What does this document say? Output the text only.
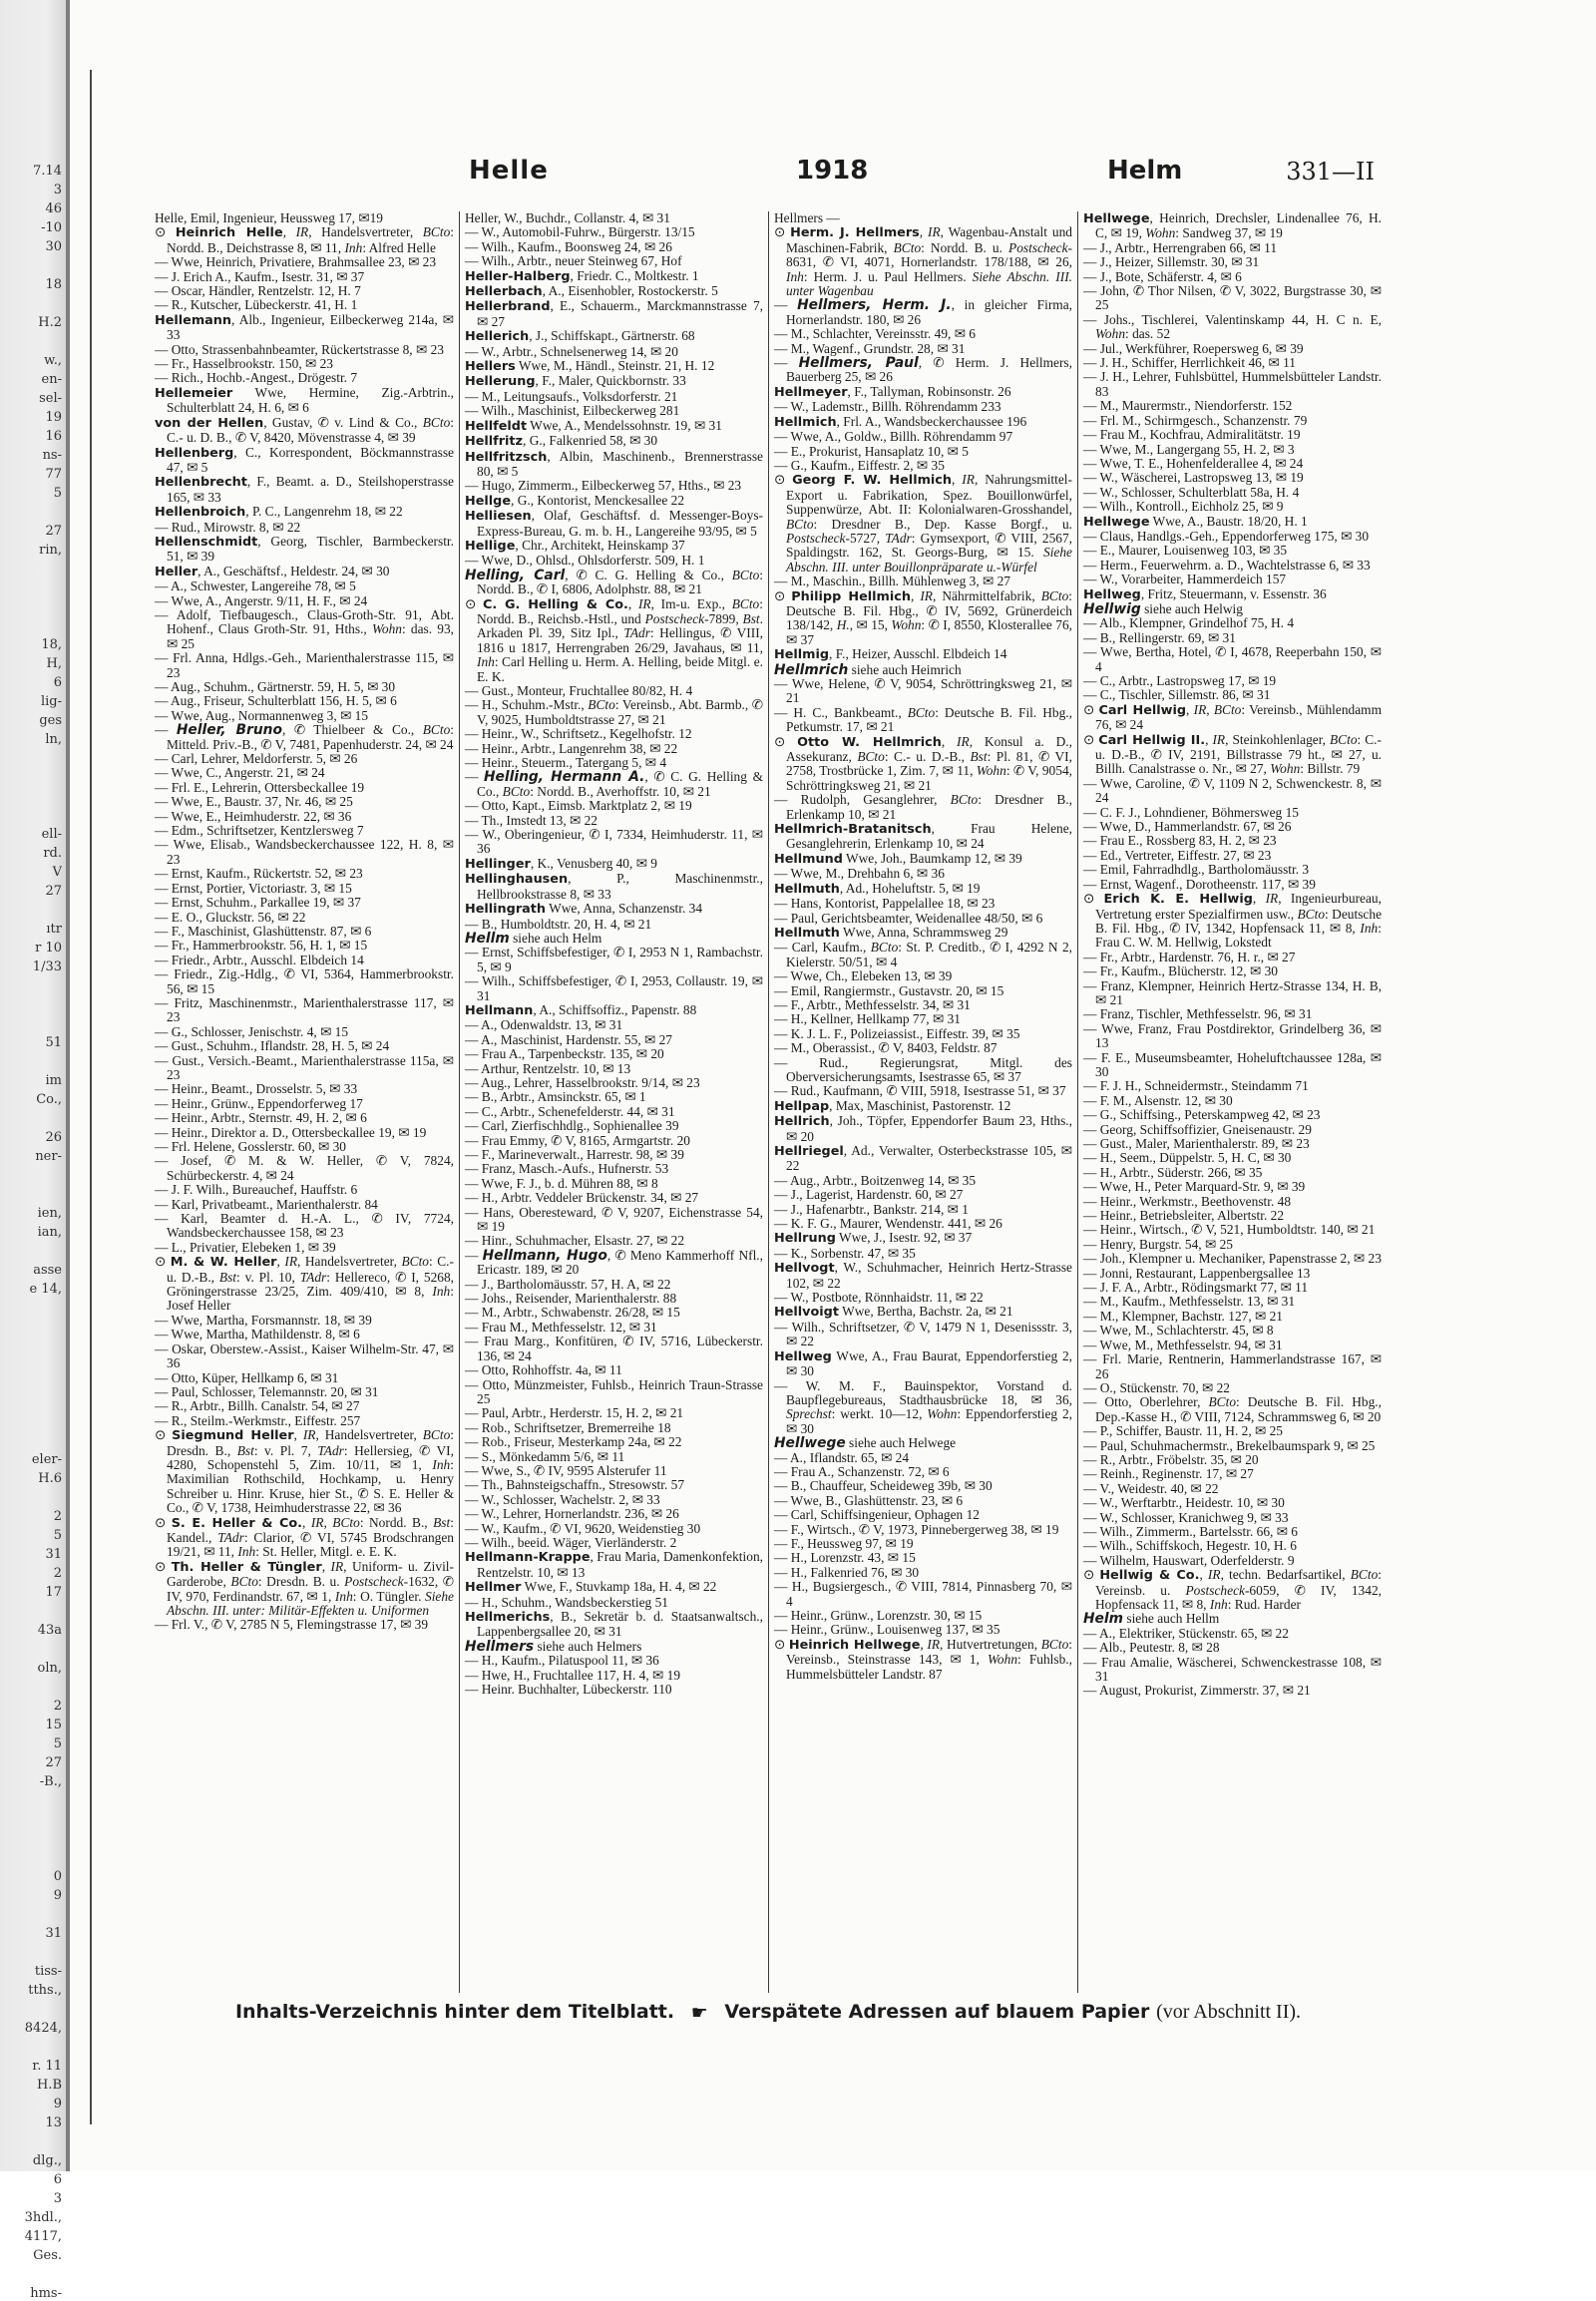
7.14
3
46
-10
30
18
H.2
w.,
en-
sel-
19
16
ns-
77
5
27
rin,
18,
H,
6
lig-
ges
ln,
ell-
rd.
V
27
ıtr
r 10
1/33
51
im
Co.,
26
ner-
ien,
ian,
asse
e 14,
eler-
H.6
2
5
31
2
17
43a
oln,
2
15
5
27
-B.,
0
9
31
tiss-
tths.,
8424,
r. 11
H.B
9
13
dlg.,
6
3
3hdl.,
4117,
Ges.
hms-
Helle	1918	Helm	331—II

Helle, Emil, Ingenieur, Heussweg 17, ✉19

⊙ Heinrich Helle, IR, Handelsvertreter, BCto: Nordd. B., Deichstrasse 8, ✉ 11, Inh: Alfred Helle

— Wwe, Heinrich, Privatiere, Brahmsallee 23, ✉ 23

— J. Erich A., Kaufm., Isestr. 31, ✉ 37

— Oscar, Händler, Rentzelstr. 12, H. 7

— R., Kutscher, Lübeckerstr. 41, H. 1

Hellemann, Alb., Ingenieur, Eilbeckerweg 214a, ✉ 33

— Otto, Strassenbahnbeamter, Rückertstrasse 8, ✉ 23

— Fr., Hasselbrookstr. 150, ✉ 23

— Rich., Hochb.-Angest., Drögestr. 7

Hellemeier Wwe, Hermine, Zig.-Arbtrin., Schulterblatt 24, H. 6, ✉ 6

von der Hellen, Gustav, ✆ v. Lind & Co., BCto: C.- u. D. B., ✆ V, 8420, Mövenstrasse 4, ✉ 39

Hellenberg, C., Korrespondent, Böckmannstrasse 47, ✉ 5

Hellenbrecht, F., Beamt. a. D., Steilshoperstrasse 165, ✉ 33

Hellenbroich, P. C., Langenrehm 18, ✉ 22

— Rud., Mirowstr. 8, ✉ 22

Hellenschmidt, Georg, Tischler, Barmbeckerstr. 51, ✉ 39

Heller, A., Geschäftsf., Heldestr. 24, ✉ 30

— A., Schwester, Langereihe 78, ✉ 5

— Wwe, A., Angerstr. 9/11, H. F., ✉ 24

— Adolf, Tiefbaugesch., Claus-Groth-Str. 91, Abt. Hohenf., Claus Groth-Str. 91, Hths., Wohn: das. 93, ✉ 25

— Frl. Anna, Hdlgs.-Geh., Marienthalerstrasse 115, ✉ 23

— Aug., Schuhm., Gärtnerstr. 59, H. 5, ✉ 30

— Aug., Friseur, Schulterblatt 156, H. 5, ✉ 6

— Wwe, Aug., Normannenweg 3, ✉ 15

— Heller, Bruno, ✆ Thielbeer & Co., BCto: Mitteld. Priv.-B., ✆ V, 7481, Papenhuderstr. 24, ✉ 24

— Carl, Lehrer, Meldorferstr. 5, ✉ 26

— Wwe, C., Angerstr. 21, ✉ 24

— Frl. E., Lehrerin, Ottersbeckallee 19

— Wwe, E., Baustr. 37, Nr. 46, ✉ 25

— Wwe, E., Heimhuderstr. 22, ✉ 36

— Edm., Schriftsetzer, Kentzlersweg 7

— Wwe, Elisab., Wandsbeckerchaussee 122, H. 8, ✉ 23

— Ernst, Kaufm., Rückertstr. 52, ✉ 23

— Ernst, Portier, Victoriastr. 3, ✉ 15

— Ernst, Schuhm., Parkallee 19, ✉ 37

— E. O., Gluckstr. 56, ✉ 22

— F., Maschinist, Glashüttenstr. 87, ✉ 6

— Fr., Hammerbrookstr. 56, H. 1, ✉ 15

— Friedr., Arbtr., Ausschl. Elbdeich 14

— Friedr., Zig.-Hdlg., ✆ VI, 5364, Hammerbrookstr. 56, ✉ 15

— Fritz, Maschinenmstr., Marienthalerstrasse 117, ✉ 23

— G., Schlosser, Jenischstr. 4, ✉ 15

— Gust., Schuhm., Iflandstr. 28, H. 5, ✉ 24

— Gust., Versich.-Beamt., Marienthalerstrasse 115a, ✉ 23

— Heinr., Beamt., Drosselstr. 5, ✉ 33

— Heinr., Grünw., Eppendorferweg 17

— Heinr., Arbtr., Sternstr. 49, H. 2, ✉ 6

— Heinr., Direktor a. D., Ottersbeckallee 19, ✉ 19

— Frl. Helene, Gosslerstr. 60, ✉ 30

— Josef, ✆ M. & W. Heller, ✆ V, 7824, Schürbeckerstr. 4, ✉ 24

— J. F. Wilh., Bureauchef, Hauffstr. 6

— Karl, Privatbeamt., Marienthalerstr. 84

— Karl, Beamter d. H.-A. L., ✆ IV, 7724, Wandsbeckerchaussee 158, ✉ 23

— L., Privatier, Elebeken 1, ✉ 39

⊙ M. & W. Heller, IR, Handelsvertreter, BCto: C.- u. D.-B., Bst: v. Pl. 10, TAdr: Hellereco, ✆ I, 5268, Gröningerstrasse 23/25, Zim. 409/410, ✉ 8, Inh: Josef Heller

— Wwe, Martha, Forsmannstr. 18, ✉ 39

— Wwe, Martha, Mathildenstr. 8, ✉ 6

— Oskar, Oberstew.-Assist., Kaiser Wilhelm-Str. 47, ✉ 36

— Otto, Küper, Hellkamp 6, ✉ 31

— Paul, Schlosser, Telemannstr. 20, ✉ 31

— R., Arbtr., Billh. Canalstr. 54, ✉ 27

— R., Steilm.-Werkmstr., Eiffestr. 257

⊙ Siegmund Heller, IR, Handelsvertreter, BCto: Dresdn. B., Bst: v. Pl. 7, TAdr: Hellersieg, ✆ VI, 4280, Schopenstehl 5, Zim. 10/11, ✉ 1, Inh: Maximilian Rothschild, Hochkamp, u. Henry Schreiber u. Hinr. Kruse, hier St., ✆ S. E. Heller & Co., ✆ V, 1738, Heimhuderstrasse 22, ✉ 36

⊙ S. E. Heller & Co., IR, BCto: Nordd. B., Bst: Kandel., TAdr: Clarior, ✆ VI, 5745 Brodschrangen 19/21, ✉ 11, Inh: St. Heller, Mitgl. e. E. K.

⊙ Th. Heller & Tüngler, IR, Uniform- u. Zivil-Garderobe, BCto: Dresdn. B. u. Postscheck-1632, ✆ IV, 970, Ferdinandstr. 67, ✉ 1, Inh: O. Tüngler. Siehe Abschn. III. unter: Militär-Effekten u. Uniformen

— Frl. V., ✆ V, 2785 N 5, Flemingstrasse 17, ✉ 39

Heller, W., Buchdr., Collanstr. 4, ✉ 31

— W., Automobil-Fuhrw., Bürgerstr. 13/15

— Wilh., Kaufm., Boonsweg 24, ✉ 26

— Wilh., Arbtr., neuer Steinweg 67, Hof

Heller-Halberg, Friedr. C., Moltkestr. 1

Hellerbach, A., Eisenhobler, Rostockerstr. 5

Hellerbrand, E., Schauerm., Marckmannstrasse 7, ✉ 27

Hellerich, J., Schiffskapt., Gärtnerstr. 68

— W., Arbtr., Schnelsenerweg 14, ✉ 20

Hellers Wwe, M., Händl., Steinstr. 21, H. 12

Hellerung, F., Maler, Quickbornstr. 33

— M., Leitungsaufs., Volksdorferstr. 21

— Wilh., Maschinist, Eilbeckerweg 281

Hellfeldt Wwe, A., Mendelssohnstr. 19, ✉ 31

Hellfritz, G., Falkenried 58, ✉ 30

Hellfritzsch, Albin, Maschinenb., Brennerstrasse 80, ✉ 5

— Hugo, Zimmerm., Eilbeckerweg 57, Hths., ✉ 23

Hellge, G., Kontorist, Menckesallee 22

Helliesen, Olaf, Geschäftsf. d. Messenger-Boys-Express-Bureau, G. m. b. H., Langereihe 93/95, ✉ 5

Hellige, Chr., Architekt, Heinskamp 37

— Wwe, D., Ohlsd., Ohlsdorferstr. 509, H. 1

Helling, Carl, ✆ C. G. Helling & Co., BCto: Nordd. B., ✆ I, 6806, Adolphstr. 88, ✉ 21

⊙ C. G. Helling & Co., IR, Im-u. Exp., BCto: Nordd. B., Reichsb.-Hstl., und Postscheck-7899, Bst. Arkaden Pl. 39, Sitz Ipl., TAdr: Hellingus, ✆ VIII, 1816 u 1817, Herrengraben 26/29, Javahaus, ✉ 11, Inh: Carl Helling u. Herm. A. Helling, beide Mitgl. e. E. K.

— Gust., Monteur, Fruchtallee 80/82, H. 4

— H., Schuhm.-Mstr., BCto: Vereinsb., Abt. Barmb., ✆ V, 9025, Humboldtstrasse 27, ✉ 21

— Heinr., W., Schriftsetz., Kegelhofstr. 12

— Heinr., Arbtr., Langenrehm 38, ✉ 22

— Heinr., Steuerm., Tatergang 5, ✉ 4

— Helling, Hermann A., ✆ C. G. Helling & Co., BCto: Nordd. B., Averhoffstr. 10, ✉ 21

— Otto, Kapt., Eimsb. Marktplatz 2, ✉ 19

— Th., Imstedt 13, ✉ 22

— W., Oberingenieur, ✆ I, 7334, Heimhuderstr. 11, ✉ 36

Hellinger, K., Venusberg 40, ✉ 9

Hellinghausen, P., Maschinenmstr., Hellbrookstrasse 8, ✉ 33

Hellingrath Wwe, Anna, Schanzenstr. 34

— B., Humboldtstr. 20, H. 4, ✉ 21

Hellm siehe auch Helm

— Ernst, Schiffsbefestiger, ✆ I, 2953 N 1, Rambachstr. 5, ✉ 9

— Wilh., Schiffsbefestiger, ✆ I, 2953, Collaustr. 19, ✉ 31

Hellmann, A., Schiffsoffiz., Papenstr. 88

— A., Odenwaldstr. 13, ✉ 31

— A., Maschinist, Hardenstr. 55, ✉ 27

— Frau A., Tarpenbeckstr. 135, ✉ 20

— Arthur, Rentzelstr. 10, ✉ 13

— Aug., Lehrer, Hasselbrookstr. 9/14, ✉ 23

— B., Arbtr., Amsinckstr. 65, ✉ 1

— C., Arbtr., Schenefelderstr. 44, ✉ 31

— Carl, Zierfischhdlg., Sophienallee 39

— Frau Emmy, ✆ V, 8165, Armgartstr. 20

— F., Marineverwalt., Harrestr. 98, ✉ 39

— Franz, Masch.-Aufs., Hufnerstr. 53

— Wwe, F. J., b. d. Mühren 88, ✉ 8

— H., Arbtr. Veddeler Brückenstr. 34, ✉ 27

— Hans, Oberesteward, ✆ V, 9207, Eichenstrasse 54, ✉ 19

— Hinr., Schuhmacher, Elsastr. 27, ✉ 22

— Hellmann, Hugo, ✆ Meno Kammerhoff Nfl., Ericastr. 189, ✉ 20

— J., Bartholomäusstr. 57, H. A, ✉ 22

— Johs., Reisender, Marienthalerstr. 88

— M., Arbtr., Schwabenstr. 26/28, ✉ 15

— Frau M., Methfesselstr. 12, ✉ 31

— Frau Marg., Konfitüren, ✆ IV, 5716, Lübeckerstr. 136, ✉ 24

— Otto, Rohhoffstr. 4a, ✉ 11

— Otto, Münzmeister, Fuhlsb., Heinrich Traun-Strasse 25

— Paul, Arbtr., Herderstr. 15, H. 2, ✉ 21

— Rob., Schriftsetzer, Bremerreihe 18

— Rob., Friseur, Mesterkamp 24a, ✉ 22

— S., Mönkedamm 5/6, ✉ 11

— Wwe, S., ✆ IV, 9595 Alsterufer 11

— Th., Bahnsteigschaffn., Stresowstr. 57

— W., Schlosser, Wachelstr. 2, ✉ 33

— W., Lehrer, Hornerlandstr. 236, ✉ 26

— W., Kaufm., ✆ VI, 9620, Weidenstieg 30

— Wilh., beeid. Wäger, Vierländerstr. 2

Hellmann-Krappe, Frau Maria, Damenkonfektion, Rentzelstr. 10, ✉ 13

Hellmer Wwe, F., Stuvkamp 18a, H. 4, ✉ 22

— H., Schuhm., Wandsbeckerstieg 51

Hellmerichs, B., Sekretär b. d. Staatsanwaltsch., Lappenbergsallee 20, ✉ 31

Hellmers siehe auch Helmers

— H., Kaufm., Pilatuspool 11, ✉ 36

— Hwe, H., Fruchtallee 117, H. 4, ✉ 19

— Heinr. Buchhalter, Lübeckerstr. 110

Hellmers —

⊙ Herm. J. Hellmers, IR, Wagenbau-Anstalt und Maschinen-Fabrik, BCto: Nordd. B. u. Postscheck-8631, ✆ VI, 4071, Hornerlandstr. 178/188, ✉ 26, Inh: Herm. J. u. Paul Hellmers. Siehe Abschn. III. unter Wagenbau

— Hellmers, Herm. J., in gleicher Firma, Hornerlandstr. 180, ✉ 26

— M., Schlachter, Vereinsstr. 49, ✉ 6

— M., Wagenf., Grundstr. 28, ✉ 31

— Hellmers, Paul, ✆ Herm. J. Hellmers, Bauerberg 25, ✉ 26

Hellmeyer, F., Tallyman, Robinsonstr. 26

— W., Lademstr., Billh. Röhrendamm 233

Hellmich, Frl. A., Wandsbeckerchaussee 196

— Wwe, A., Goldw., Billh. Röhrendamm 97

— E., Prokurist, Hansaplatz 10, ✉ 5

— G., Kaufm., Eiffestr. 2, ✉ 35

⊙ Georg F. W. Hellmich, IR, Nahrungsmittel-Export u. Fabrikation, Spez. Bouillonwürfel, Suppenwürze, Abt. II: Kolonialwaren-Grosshandel, BCto: Dresdner B., Dep. Kasse Borgf., u. Postscheck-5727, TAdr: Gymsexport, ✆ VIII, 2567, Spaldingstr. 162, St. Georgs-Burg, ✉ 15. Siehe Abschn. III. unter Bouillonpräparate u.-Würfel

— M., Maschin., Billh. Mühlenweg 3, ✉ 27

⊙ Philipp Hellmich, IR, Nährmittelfabrik, BCto: Deutsche B. Fil. Hbg., ✆ IV, 5692, Grünerdeich 138/142, H., ✉ 15, Wohn: ✆ I, 8550, Klosterallee 76, ✉ 37

Hellmig, F., Heizer, Ausschl. Elbdeich 14

Hellmrich siehe auch Heimrich

— Wwe, Helene, ✆ V, 9054, Schröttringksweg 21, ✉ 21

— H. C., Bankbeamt., BCto: Deutsche B. Fil. Hbg., Petkumstr. 17, ✉ 21

⊙ Otto W. Hellmrich, IR, Konsul a. D., Assekuranz, BCto: C.- u. D.-B., Bst: Pl. 81, ✆ VI, 2758, Trostbrücke 1, Zim. 7, ✉ 11, Wohn: ✆ V, 9054, Schröttringksweg 21, ✉ 21

— Rudolph, Gesanglehrer, BCto: Dresdner B., Erlenkamp 10, ✉ 21

Hellmrich-Bratanitsch, Frau Helene, Gesanglehrerin, Erlenkamp 10, ✉ 24

Hellmund Wwe, Joh., Baumkamp 12, ✉ 39

— Wwe, M., Drehbahn 6, ✉ 36

Hellmuth, Ad., Hoheluftstr. 5, ✉ 19

— Hans, Kontorist, Pappelallee 18, ✉ 23

— Paul, Gerichtsbeamter, Weidenallee 48/50, ✉ 6

Hellmuth Wwe, Anna, Schrammsweg 29

— Carl, Kaufm., BCto: St. P. Creditb., ✆ I, 4292 N 2, Kielerstr. 50/51, ✉ 4

— Wwe, Ch., Elebeken 13, ✉ 39

— Emil, Rangiermstr., Gustavstr. 20, ✉ 15

— F., Arbtr., Methfesselstr. 34, ✉ 31

— H., Kellner, Hellkamp 77, ✉ 31

— K. J. L. F., Polizeiassist., Eiffestr. 39, ✉ 35

— M., Oberassist., ✆ V, 8403, Feldstr. 87

— Rud., Regierungsrat, Mitgl. des Oberversicherungsamts, Isestrasse 65, ✉ 37

— Rud., Kaufmann, ✆ VIII, 5918, Isestrasse 51, ✉ 37

Hellpap, Max, Maschinist, Pastorenstr. 12

Hellrich, Joh., Töpfer, Eppendorfer Baum 23, Hths., ✉ 20

Hellriegel, Ad., Verwalter, Osterbeckstrasse 105, ✉ 22

— Aug., Arbtr., Boitzenweg 14, ✉ 35

— J., Lagerist, Hardenstr. 60, ✉ 27

— J., Hafenarbtr., Bankstr. 214, ✉ 1

— K. F. G., Maurer, Wendenstr. 441, ✉ 26

Hellrung Wwe, J., Isestr. 92, ✉ 37

— K., Sorbenstr. 47, ✉ 35

Hellvogt, W., Schuhmacher, Heinrich Hertz-Strasse 102, ✉ 22

— W., Postbote, Rönnhaidstr. 11, ✉ 22

Hellvoigt Wwe, Bertha, Bachstr. 2a, ✉ 21

— Wilh., Schriftsetzer, ✆ V, 1479 N 1, Desenissstr. 3, ✉ 22

Hellweg Wwe, A., Frau Baurat, Eppendorferstieg 2, ✉ 30

— W. M. F., Bauinspektor, Vorstand d. Baupflegebureaus, Stadthausbrücke 18, ✉ 36, Sprechst: werkt. 10—12, Wohn: Eppendorferstieg 2, ✉ 30

Hellwege siehe auch Helwege

— A., Iflandstr. 65, ✉ 24

— Frau A., Schanzenstr. 72, ✉ 6

— B., Chauffeur, Scheideweg 39b, ✉ 30

— Wwe, B., Glashüttenstr. 23, ✉ 6

— Carl, Schiffsingenieur, Ophagen 12

— F., Wirtsch., ✆ V, 1973, Pinnebergerweg 38, ✉ 19

— F., Heussweg 97, ✉ 19

— H., Lorenzstr. 43, ✉ 15

— H., Falkenried 76, ✉ 30

— H., Bugsiergesch., ✆ VIII, 7814, Pinnasberg 70, ✉ 4

— Heinr., Grünw., Lorenzstr. 30, ✉ 15

— Heinr., Grünw., Louisenweg 137, ✉ 35

⊙ Heinrich Hellwege, IR, Hutvertretungen, BCto: Vereinsb., Steinstrasse 143, ✉ 1, Wohn: Fuhlsb., Hummelsbütteler Landstr. 87

Hellwege, Heinrich, Drechsler, Lindenallee 76, H. C, ✉ 19, Wohn: Sandweg 37, ✉ 19

— J., Arbtr., Herrengraben 66, ✉ 11

— J., Heizer, Sillemstr. 30, ✉ 31

— J., Bote, Schäferstr. 4, ✉ 6

— John, ✆ Thor Nilsen, ✆ V, 3022, Burgstrasse 30, ✉ 25

— Johs., Tischlerei, Valentinskamp 44, H. C n. E, Wohn: das. 52

— Jul., Werkführer, Roepersweg 6, ✉ 39

— J. H., Schiffer, Herrlichkeit 46, ✉ 11

— J. H., Lehrer, Fuhlsbüttel, Hummelsbütteler Landstr. 83

— M., Maurermstr., Niendorferstr. 152

— Frl. M., Schirmgesch., Schanzenstr. 79

— Frau M., Kochfrau, Admiralitätstr. 19

— Wwe, M., Langergang 55, H. 2, ✉ 3

— Wwe, T. E., Hohenfelderallee 4, ✉ 24

— W., Wäscherei, Lastropsweg 13, ✉ 19

— W., Schlosser, Schulterblatt 58a, H. 4

— Wilh., Kontroll., Eichholz 25, ✉ 9

Hellwege Wwe, A., Baustr. 18/20, H. 1

— Claus, Handlgs.-Geh., Eppendorferweg 175, ✉ 30

— E., Maurer, Louisenweg 103, ✉ 35

— Herm., Feuerwehrm. a. D., Wachtelstrasse 6, ✉ 33

— W., Vorarbeiter, Hammerdeich 157

Hellweg, Fritz, Steuermann, v. Essenstr. 36

Hellwig siehe auch Helwig

— Alb., Klempner, Grindelhof 75, H. 4

— B., Rellingerstr. 69, ✉ 31

— Wwe, Bertha, Hotel, ✆ I, 4678, Reeperbahn 150, ✉ 4

— C., Arbtr., Lastropsweg 17, ✉ 19

— C., Tischler, Sillemstr. 86, ✉ 31

⊙ Carl Hellwig, IR, BCto: Vereinsb., Mühlendamm 76, ✉ 24

⊙ Carl Hellwig II., IR, Steinkohlenlager, BCto: C.- u. D.-B., ✆ IV, 2191, Billstrasse 79 ht., ✉ 27, u. Billh. Canalstrasse o. Nr., ✉ 27, Wohn: Billstr. 79

— Wwe, Caroline, ✆ V, 1109 N 2, Schwenckestr. 8, ✉ 24

— C. F. J., Lohndiener, Böhmersweg 15

— Wwe, D., Hammerlandstr. 67, ✉ 26

— Frau E., Rossberg 83, H. 2, ✉ 23

— Ed., Vertreter, Eiffestr. 27, ✉ 23

— Emil, Fahrradhdlg., Bartholomäusstr. 3

— Ernst, Wagenf., Dorotheenstr. 117, ✉ 39

⊙ Erich K. E. Hellwig, IR, Ingenieurbureau, Vertretung erster Spezialfirmen usw., BCto: Deutsche B. Fil. Hbg., ✆ IV, 1342, Hopfensack 11, ✉ 8, Inh: Frau C. W. M. Hellwig, Lokstedt

— Fr., Arbtr., Hardenstr. 76, H. r., ✉ 27

— Fr., Kaufm., Blücherstr. 12, ✉ 30

— Franz, Klempner, Heinrich Hertz-Strasse 134, H. B, ✉ 21

— Franz, Tischler, Methfesselstr. 96, ✉ 31

— Wwe, Franz, Frau Postdirektor, Grindelberg 36, ✉ 13

— F. E., Museumsbeamter, Hoheluftchaussee 128a, ✉ 30

— F. J. H., Schneidermstr., Steindamm 71

— F. M., Alsenstr. 12, ✉ 30

— G., Schiffsing., Peterskampweg 42, ✉ 23

— Georg, Schiffsoffizier, Gneisenaustr. 29

— Gust., Maler, Marienthalerstr. 89, ✉ 23

— H., Seem., Düppelstr. 5, H. C, ✉ 30

— H., Arbtr., Süderstr. 266, ✉ 35

— Wwe, H., Peter Marquard-Str. 9, ✉ 39

— Heinr., Werkmstr., Beethovenstr. 48

— Heinr., Betriebsleiter, Albertstr. 22

— Heinr., Wirtsch., ✆ V, 521, Humboldtstr. 140, ✉ 21

— Henry, Burgstr. 54, ✉ 25

— Joh., Klempner u. Mechaniker, Papenstrasse 2, ✉ 23

— Jonni, Restaurant, Lappenbergsallee 13

— J. F. A., Arbtr., Rödingsmarkt 77, ✉ 11

— M., Kaufm., Methfesselstr. 13, ✉ 31

— M., Klempner, Bachstr. 127, ✉ 21

— Wwe, M., Schlachterstr. 45, ✉ 8

— Wwe, M., Methfesselstr. 94, ✉ 31

— Frl. Marie, Rentnerin, Hammerlandstrasse 167, ✉ 26

— O., Stückenstr. 70, ✉ 22

— Otto, Oberlehrer, BCto: Deutsche B. Fil. Hbg., Dep.-Kasse H., ✆ VIII, 7124, Schrammsweg 6, ✉ 20

— P., Schiffer, Baustr. 11, H. 2, ✉ 25

— Paul, Schuhmachermstr., Brekelbaumspark 9, ✉ 25

— R., Arbtr., Fröbelstr. 35, ✉ 20

— Reinh., Reginenstr. 17, ✉ 27

— V., Weidestr. 40, ✉ 22

— W., Werftarbtr., Heidestr. 10, ✉ 30

— W., Schlosser, Kranichweg 9, ✉ 33

— Wilh., Zimmerm., Bartelsstr. 66, ✉ 6

— Wilh., Schiffskoch, Hegestr. 10, H. 6

— Wilhelm, Hauswart, Oderfelderstr. 9

⊙ Hellwig & Co., IR, techn. Bedarfsartikel, BCto: Vereinsb. u. Postscheck-6059, ✆ IV, 1342, Hopfensack 11, ✉ 8, Inh: Rud. Harder

Helm siehe auch Hellm

— A., Elektriker, Stückenstr. 65, ✉ 22

— Alb., Peutestr. 8, ✉ 28

— Frau Amalie, Wäscherei, Schwenckestrasse 108, ✉ 31

— August, Prokurist, Zimmerstr. 37, ✉ 21

Inhalts-Verzeichnis hinter dem Titelblatt. ☛ Verspätete Adressen auf blauem Papier (vor Abschnitt II).
